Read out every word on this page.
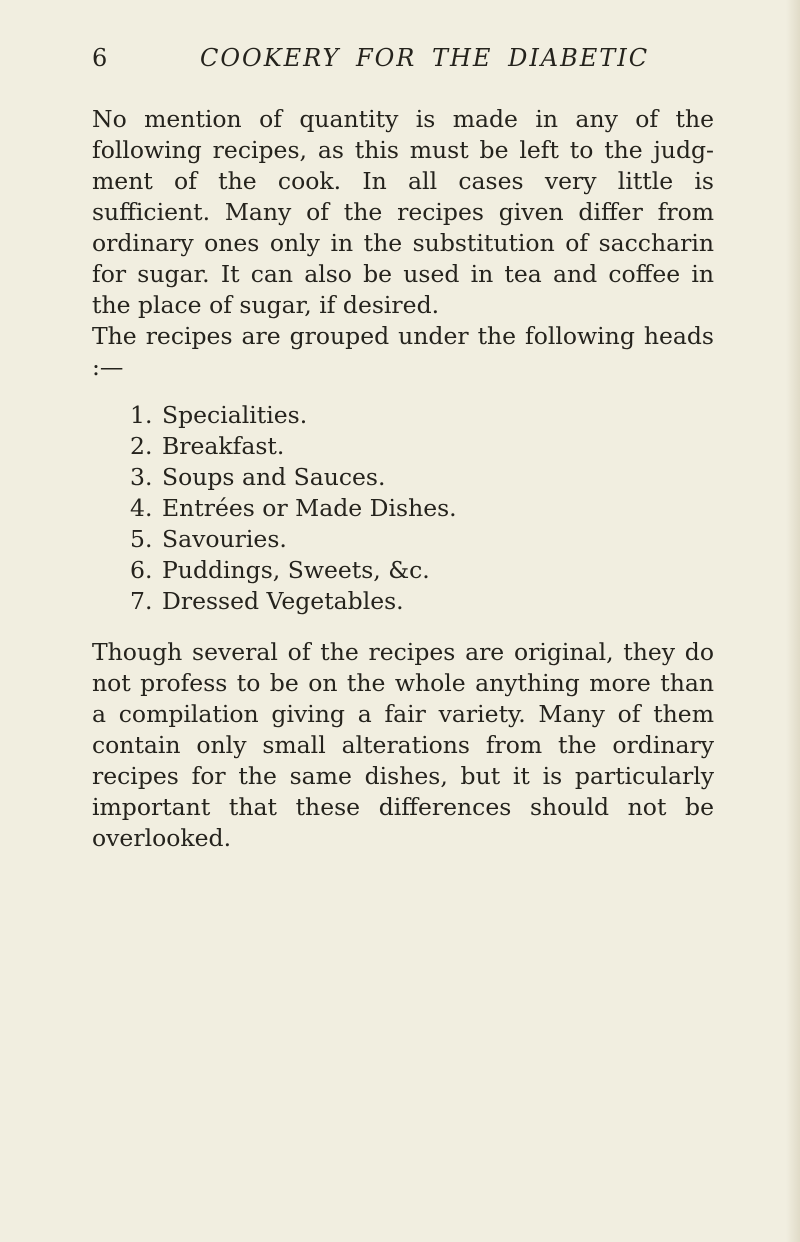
6	COOKERY FOR THE DIABETIC

No mention of quantity is made in any of the following recipes, as this must be left to the judgment of the cook. In all cases very little is sufficient. Many of the recipes given differ from ordinary ones only in the substitution of saccharin for sugar. It can also be used in tea and coffee in the place of sugar, if desired.

The recipes are grouped under the following heads :—

1. Specialities.
2. Breakfast.
3. Soups and Sauces.
4. Entrées or Made Dishes.
5. Savouries.
6. Puddings, Sweets, &c.
7. Dressed Vegetables.

Though several of the recipes are original, they do not profess to be on the whole anything more than a compilation giving a fair variety. Many of them contain only small alterations from the ordinary recipes for the same dishes, but it is particularly important that these differences should not be overlooked.
